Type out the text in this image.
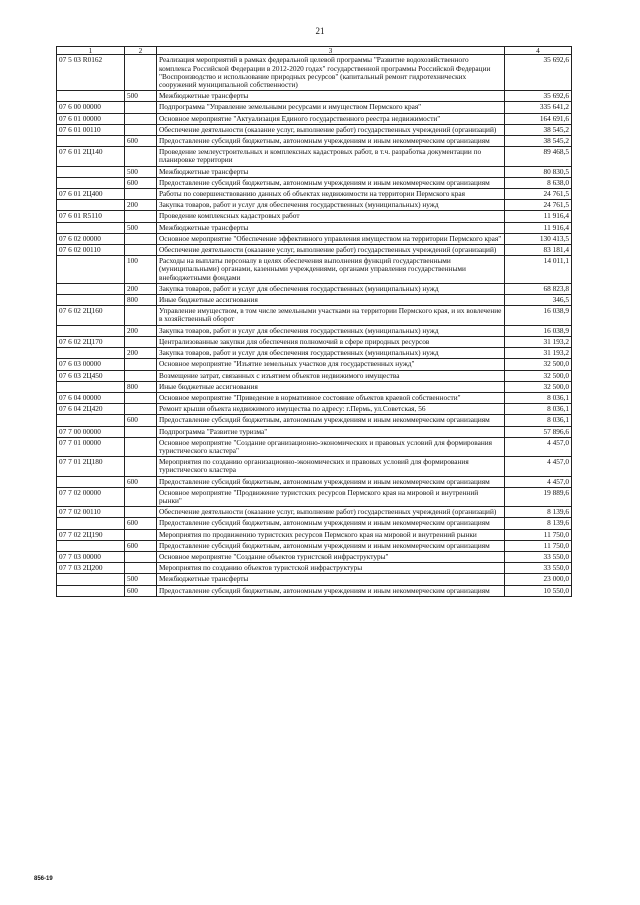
21
1	2	3	4
07 5 03 R0162		Реализация мероприятий в рамках федеральной целевой программы "Развитие водохозяйственного комплекса Российской Федерации в 2012-2020 годах" государственной программы Российской Федерации "Воспроизводство и использование природных ресурсов" (капитальный ремонт гидротехнических сооружений муниципальной собственности)	35 692,6
	500	Межбюджетные трансферты	35 692,6
07 6 00 00000		Подпрограмма "Управление земельными ресурсами и имуществом Пермского края"	335 641,2
07 6 01 00000		Основное мероприятие "Актуализация Единого государственного реестра недвижимости"	164 691,6
07 6 01 00110		Обеспечение деятельности (оказание услуг, выполнение работ) государственных учреждений (организаций)	38 545,2
	600	Предоставление субсидий бюджетным, автономным учреждениям и иным некоммерческим организациям	38 545,2
07 6 01 2Ц140		Проведение землеустроительных и комплексных кадастровых работ, в т.ч. разработка документации по планировке территории	89 468,5
	500	Межбюджетные трансферты	80 830,5
	600	Предоставление субсидий бюджетным, автономным учреждениям и иным некоммерческим организациям	8 638,0
07 6 01 2Ц400		Работы по совершенствованию данных об объектах недвижимости на территории Пермского края	24 761,5
	200	Закупка товаров, работ и услуг для обеспечения государственных (муниципальных) нужд	24 761,5
07 6 01 R5110		Проведение комплексных кадастровых работ	11 916,4
	500	Межбюджетные трансферты	11 916,4
07 6 02 00000		Основное мероприятие "Обеспечение эффективного управления имуществом на территории Пермского края"	130 413,5
07 6 02 00110		Обеспечение деятельности (оказание услуг, выполнение работ) государственных учреждений (организаций)	83 181,4
	100	Расходы на выплаты персоналу в целях обеспечения выполнения функций государственными (муниципальными) органами, казенными учреждениями, органами управления государственными внебюджетными фондами	14 011,1
	200	Закупка товаров, работ и услуг для обеспечения государственных (муниципальных) нужд	68 823,8
	800	Иные бюджетные ассигнования	346,5
07 6 02 2Ц160		Управление имуществом, в том числе земельными участками на территории Пермского края, и их вовлечение в хозяйственный оборот	16 038,9
	200	Закупка товаров, работ и услуг для обеспечения государственных (муниципальных) нужд	16 038,9
07 6 02 2Ц170		Централизованные закупки для обеспечения полномочий в сфере природных ресурсов	31 193,2
	200	Закупка товаров, работ и услуг для обеспечения государственных (муниципальных) нужд	31 193,2
07 6 03 00000		Основное мероприятие "Изъятие земельных участков для государственных нужд"	32 500,0
07 6 03 2Ц450		Возмещение затрат, связанных с изъятием объектов недвижимого имущества	32 500,0
	800	Иные бюджетные ассигнования	32 500,0
07 6 04 00000		Основное мероприятие "Приведение в нормативное состояние объектов краевой собственности"	8 036,1
07 6 04 2Ц420		Ремонт крыши объекта недвижимого имущества по адресу: г.Пермь, ул.Советская, 56	8 036,1
	600	Предоставление субсидий бюджетным, автономным учреждениям и иным некоммерческим организациям	8 036,1
07 7 00 00000		Подпрограмма "Развитие туризма"	57 896,6
07 7 01 00000		Основное мероприятие "Создание организационно-экономических и правовых условий для формирования туристического кластера"	4 457,0
07 7 01 2Ц180		Мероприятия по созданию организационно-экономических и правовых условий для формирования туристического кластера	4 457,0
	600	Предоставление субсидий бюджетным, автономным учреждениям и иным некоммерческим организациям	4 457,0
07 7 02 00000		Основное мероприятие "Продвижение туристских ресурсов Пермского края на мировой и внутренний рынки"	19 889,6
07 7 02 00110		Обеспечение деятельности (оказание услуг, выполнение работ) государственных учреждений (организаций)	8 139,6
	600	Предоставление субсидий бюджетным, автономным учреждениям и иным некоммерческим организациям	8 139,6
07 7 02 2Ц190		Мероприятия по продвижению туристских ресурсов Пермского края на мировой и внутренний рынки	11 750,0
	600	Предоставление субсидий бюджетным, автономным учреждениям и иным некоммерческим организациям	11 750,0
07 7 03 00000		Основное мероприятие "Создание объектов туристской инфраструктуры"	33 550,0
07 7 03 2Ц200		Мероприятия по созданию объектов туристской инфраструктуры	33 550,0
	500	Межбюджетные трансферты	23 000,0
	600	Предоставление субсидий бюджетным, автономным учреждениям и иным некоммерческим организациям	10 550,0
856-19
